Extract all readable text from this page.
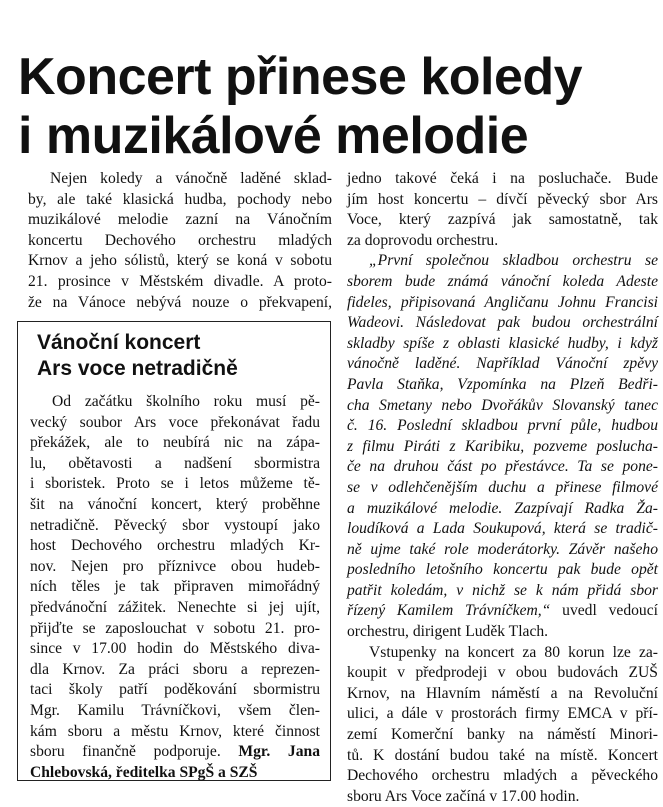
Koncert přinese koledy
i muzikálové melodie

Nejen koledy a vánočně laděné sklad-
by, ale také klasická hudba, pochody nebo
muzikálové melodie zazní na Vánočním
koncertu Dechového orchestru mladých
Krnov a jeho sólistů, který se koná v sobotu
21. prosince v Městském divadle. A proto-
že na Vánoce nebývá nouze o překvapení,

Vánoční koncert
Ars voce netradičně
Od začátku školního roku musí pě-
vecký soubor Ars voce překonávat řadu
překážek, ale to neubírá nic na zápa-
lu, obětavosti a nadšení sbormistra
i sboristek. Proto se i letos můžeme tě-
šit na vánoční koncert, který proběhne
netradičně. Pěvecký sbor vystoupí jako
host Dechového orchestru mladých Kr-
nov. Nejen pro příznivce obou hudeb-
ních těles je tak připraven mimořádný
předvánoční zážitek. Nenechte si jej ujít,
přijďte se zaposlouchat v sobotu 21. pro-
since v 17.00 hodin do Městského diva-
dla Krnov. Za práci sboru a reprezen-
taci školy patří poděkování sbormistru
Mgr. Kamilu Trávníčkovi, všem člen-
kám sboru a městu Krnov, které činnost
sboru finančně podporuje. Mgr. Jana
Chlebovská, ředitelka SPgŠ a SZŠ

jedno takové čeká i na posluchače. Bude
jím host koncertu – dívčí pěvecký sbor Ars
Voce, který zazpívá jak samostatně, tak
za doprovodu orchestru.

„První společnou skladbou orchestru se
sborem bude známá vánoční koleda Adeste
fideles, připisovaná Angličanu Johnu Francisi
Wadeovi. Následovat pak budou orchestrální
skladby spíše z oblasti klasické hudby, i když
vánočně laděné. Například Vánoční zpěvy
Pavla Staňka, Vzpomínka na Plzeň Bedři-
cha Smetany nebo Dvořákův Slovanský tanec
č. 16. Poslední skladbou první půle, hudbou
z filmu Piráti z Karibiku, pozveme poslucha-
če na druhou část po přestávce. Ta se pone-
se v odlehčenějším duchu a přinese filmové
a muzikálové melodie. Zazpívají Radka Ža-
loudíková a Lada Soukupová, která se tradič-
ně ujme také role moderátorky. Závěr našeho
posledního letošního koncertu pak bude opět
patřit koledám, v nichž se k nám přidá sbor
řízený Kamilem Trávníčkem,“ uvedl vedoucí
orchestru, dirigent Luděk Tlach.

Vstupenky na koncert za 80 korun lze za-
koupit v předprodeji v obou budovách ZUŠ
Krnov, na Hlavním náměstí a na Revoluční
ulici, a dále v prostorách firmy EMCA v pří-
zemí Komerční banky na náměstí Minori-
tů. K dostání budou také na místě. Koncert
Dechového orchestru mladých a pěveckého
sboru Ars Voce začíná v 17.00 hodin.
